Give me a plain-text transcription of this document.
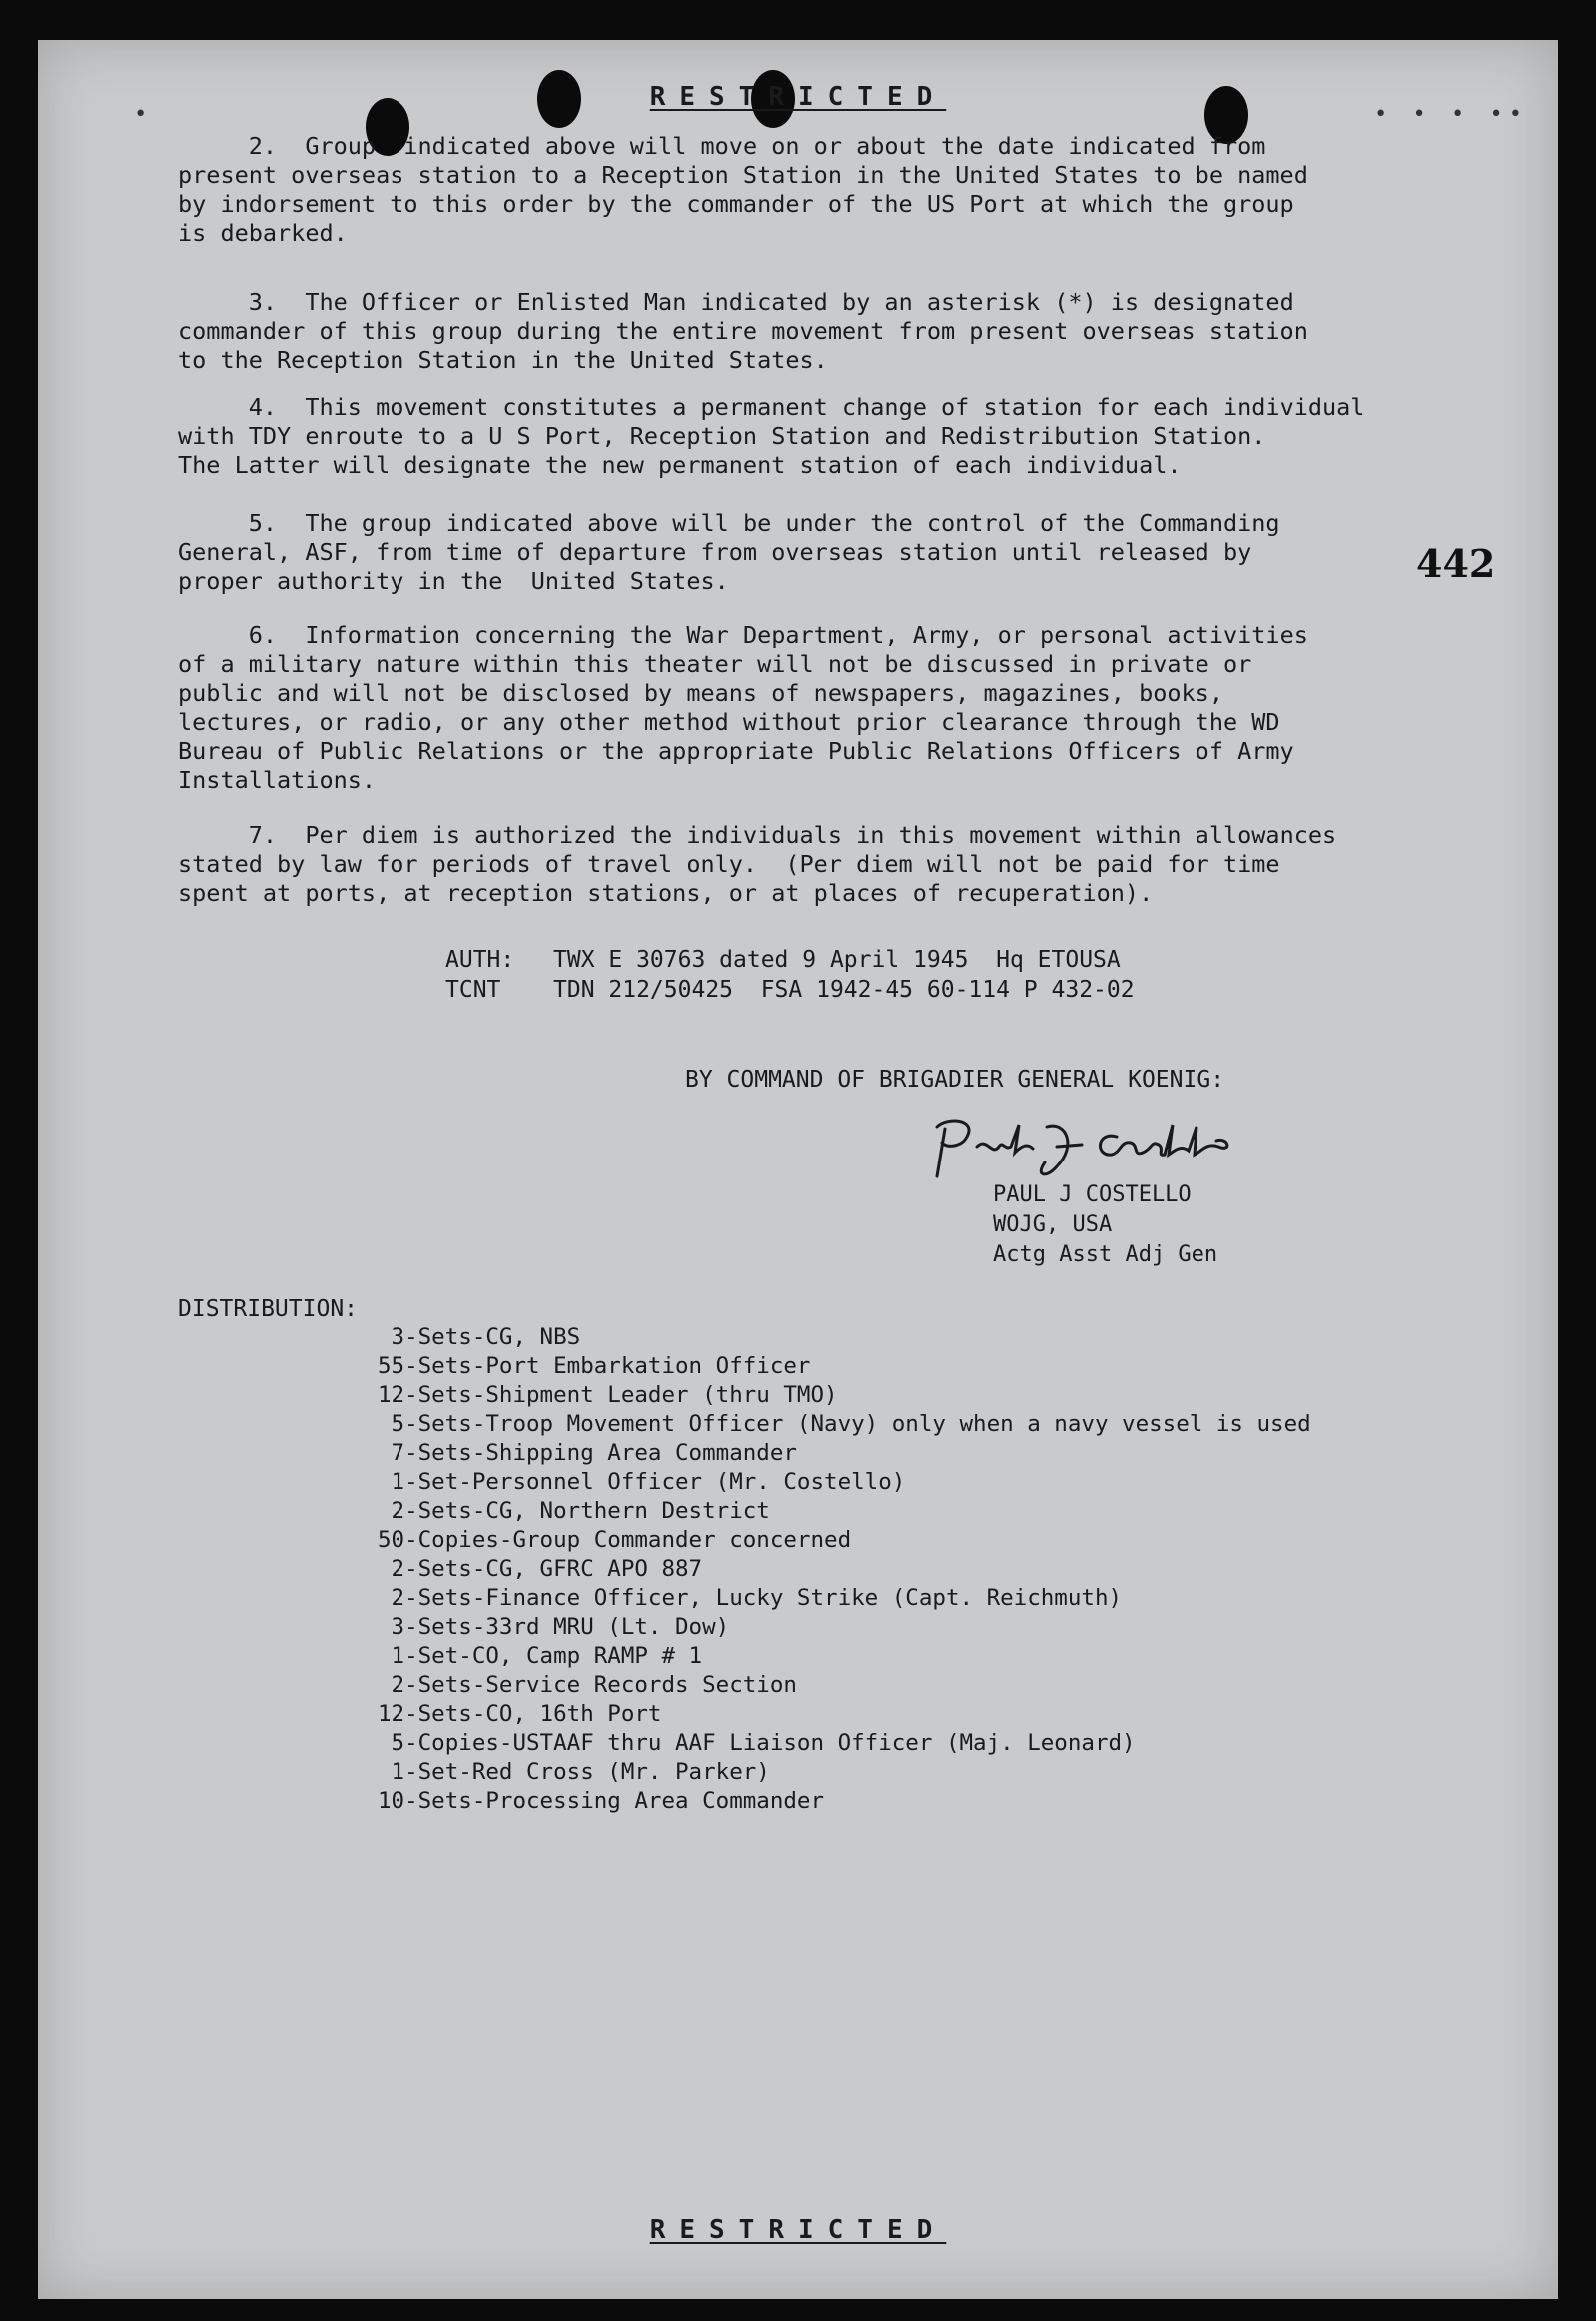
•	• • • ••
RESTRICTED
2. Group  indicated above will move on or about the date indicated from
present overseas station to a Reception Station in the United States to be named
by indorsement to this order by the commander of the US Port at which the group
is debarked.
3. The Officer or Enlisted Man indicated by an asterisk (*) is designated
commander of this group during the entire movement from present overseas station
to the Reception Station in the United States.
4. This movement constitutes a permanent change of station for each individual
with TDY enroute to a U S Port, Reception Station and Redistribution Station.
The Latter will designate the new permanent station of each individual.
5. The group indicated above will be under the control of the Commanding
General, ASF, from time of departure from overseas station until released by
proper authority in the  United States.
6. Information concerning the War Department, Army, or personal activities
of a military nature within this theater will not be discussed in private or
public and will not be disclosed by means of newspapers, magazines, books,
lectures, or radio, or any other method without prior clearance through the WD
Bureau of Public Relations or the appropriate Public Relations Officers of Army
Installations.
7. Per diem is authorized the individuals in this movement within allowances
stated by law for periods of travel only.  (Per diem will not be paid for time
spent at ports, at reception stations, or at places of recuperation).
442
AUTH: TWX E 30763 dated 9 April 1945  Hq ETOUSA
TCNT TDN 212/50425  FSA 1942-45 60-114 P 432-02
BY COMMAND OF BRIGADIER GENERAL KOENIG:
PAUL J COSTELLO
WOJG, USA
Actg Asst Adj Gen
DISTRIBUTION:
3-Sets-CG, NBS
55-Sets-Port Embarkation Officer
12-Sets-Shipment Leader (thru TMO)
5-Sets-Troop Movement Officer (Navy) only when a navy vessel is used
7-Sets-Shipping Area Commander
1-Set-Personnel Officer (Mr. Costello)
2-Sets-CG, Northern Destrict
50-Copies-Group Commander concerned
2-Sets-CG, GFRC APO 887
2-Sets-Finance Officer, Lucky Strike (Capt. Reichmuth)
3-Sets-33rd MRU (Lt. Dow)
1-Set-CO, Camp RAMP # 1
2-Sets-Service Records Section
12-Sets-CO, 16th Port
5-Copies-USTAAF thru AAF Liaison Officer (Maj. Leonard)
1-Set-Red Cross (Mr. Parker)
10-Sets-Processing Area Commander
RESTRICTED
